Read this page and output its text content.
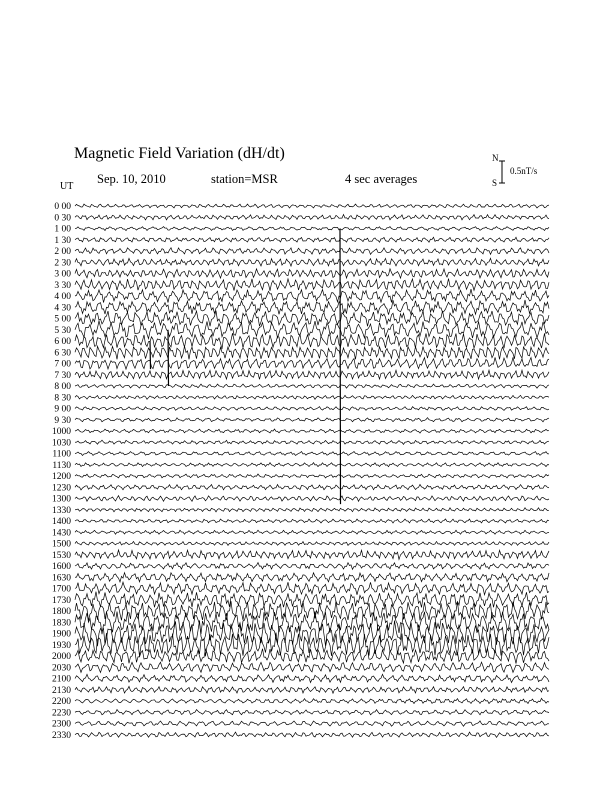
Magnetic Field Variation (dH/dt)
Sep. 10, 2010	station=MSR	4 sec averages
UT
N
S
0.5nT/s
0 00
0 30
1 00
1 30
2 00
2 30
3 00
3 30
4 00
4 30
5 00
5 30
6 00
6 30
7 00
7 30
8 00
8 30
9 00
9 30
1000
1030
1100
1130
1200
1230
1300
1330
1400
1430
1500
1530
1600
1630
1700
1730
1800
1830
1900
1930
2000
2030
2100
2130
2200
2230
2300
2330
